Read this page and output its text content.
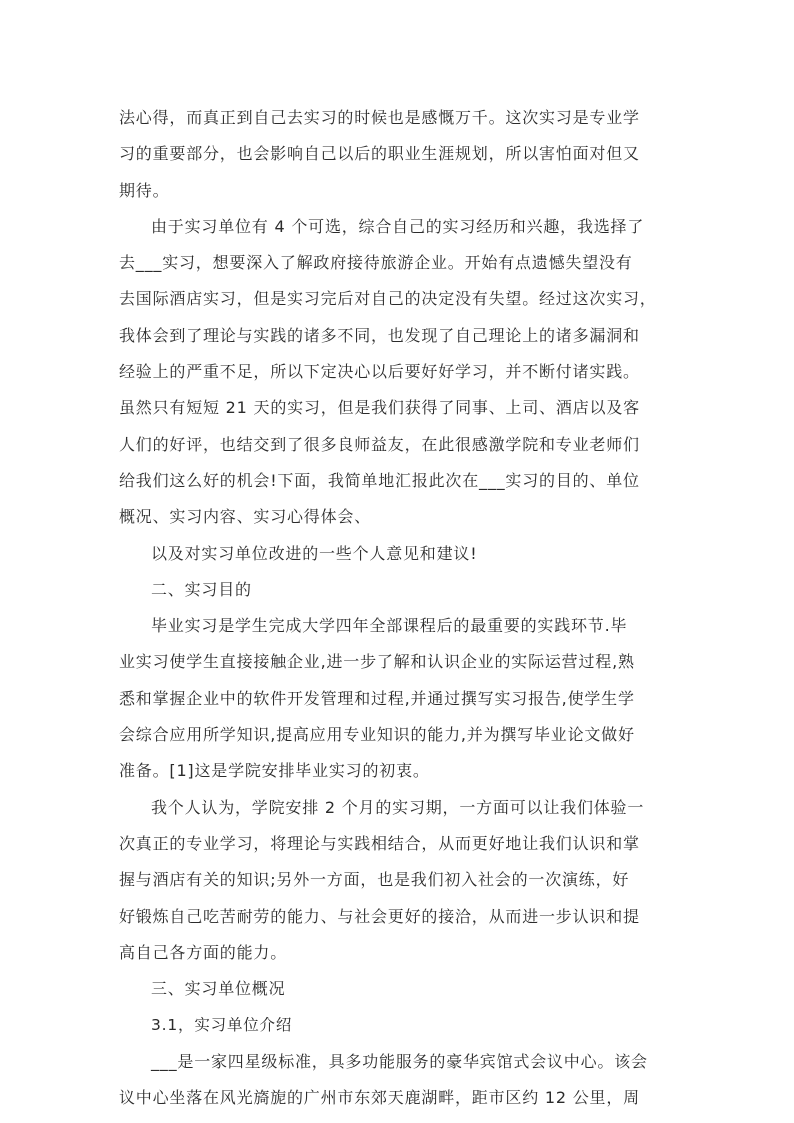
法心得，而真正到自己去实习的时候也是感慨万千。这次实习是专业学
习的重要部分，也会影响自己以后的职业生涯规划，所以害怕面对但又
期待。
由于实习单位有 4 个可选，综合自己的实习经历和兴趣，我选择了
去___实习，想要深入了解政府接待旅游企业。开始有点遗憾失望没有
去国际酒店实习，但是实习完后对自己的决定没有失望。经过这次实习，
我体会到了理论与实践的诸多不同，也发现了自己理论上的诸多漏洞和
经验上的严重不足，所以下定决心以后要好好学习，并不断付诸实践。
虽然只有短短 21 天的实习，但是我们获得了同事、上司、酒店以及客
人们的好评，也结交到了很多良师益友，在此很感激学院和专业老师们
给我们这么好的机会!下面，我简单地汇报此次在___实习的目的、单位
概况、实习内容、实习心得体会、
以及对实习单位改进的一些个人意见和建议!
二、实习目的
毕业实习是学生完成大学四年全部课程后的最重要的实践环节.毕
业实习使学生直接接触企业,进一步了解和认识企业的实际运营过程,熟
悉和掌握企业中的软件开发管理和过程,并通过撰写实习报告,使学生学
会综合应用所学知识,提高应用专业知识的能力,并为撰写毕业论文做好
准备。[1]这是学院安排毕业实习的初衷。
我个人认为，学院安排 2 个月的实习期，一方面可以让我们体验一
次真正的专业学习，将理论与实践相结合，从而更好地让我们认识和掌
握与酒店有关的知识;另外一方面，也是我们初入社会的一次演练，好
好锻炼自己吃苦耐劳的能力、与社会更好的接洽，从而进一步认识和提
高自己各方面的能力。
三、实习单位概况
3.1，实习单位介绍
___是一家四星级标准，具多功能服务的豪华宾馆式会议中心。该会
议中心坐落在风光旖旎的广州市东郊天鹿湖畔，距市区约 12 公里，周
